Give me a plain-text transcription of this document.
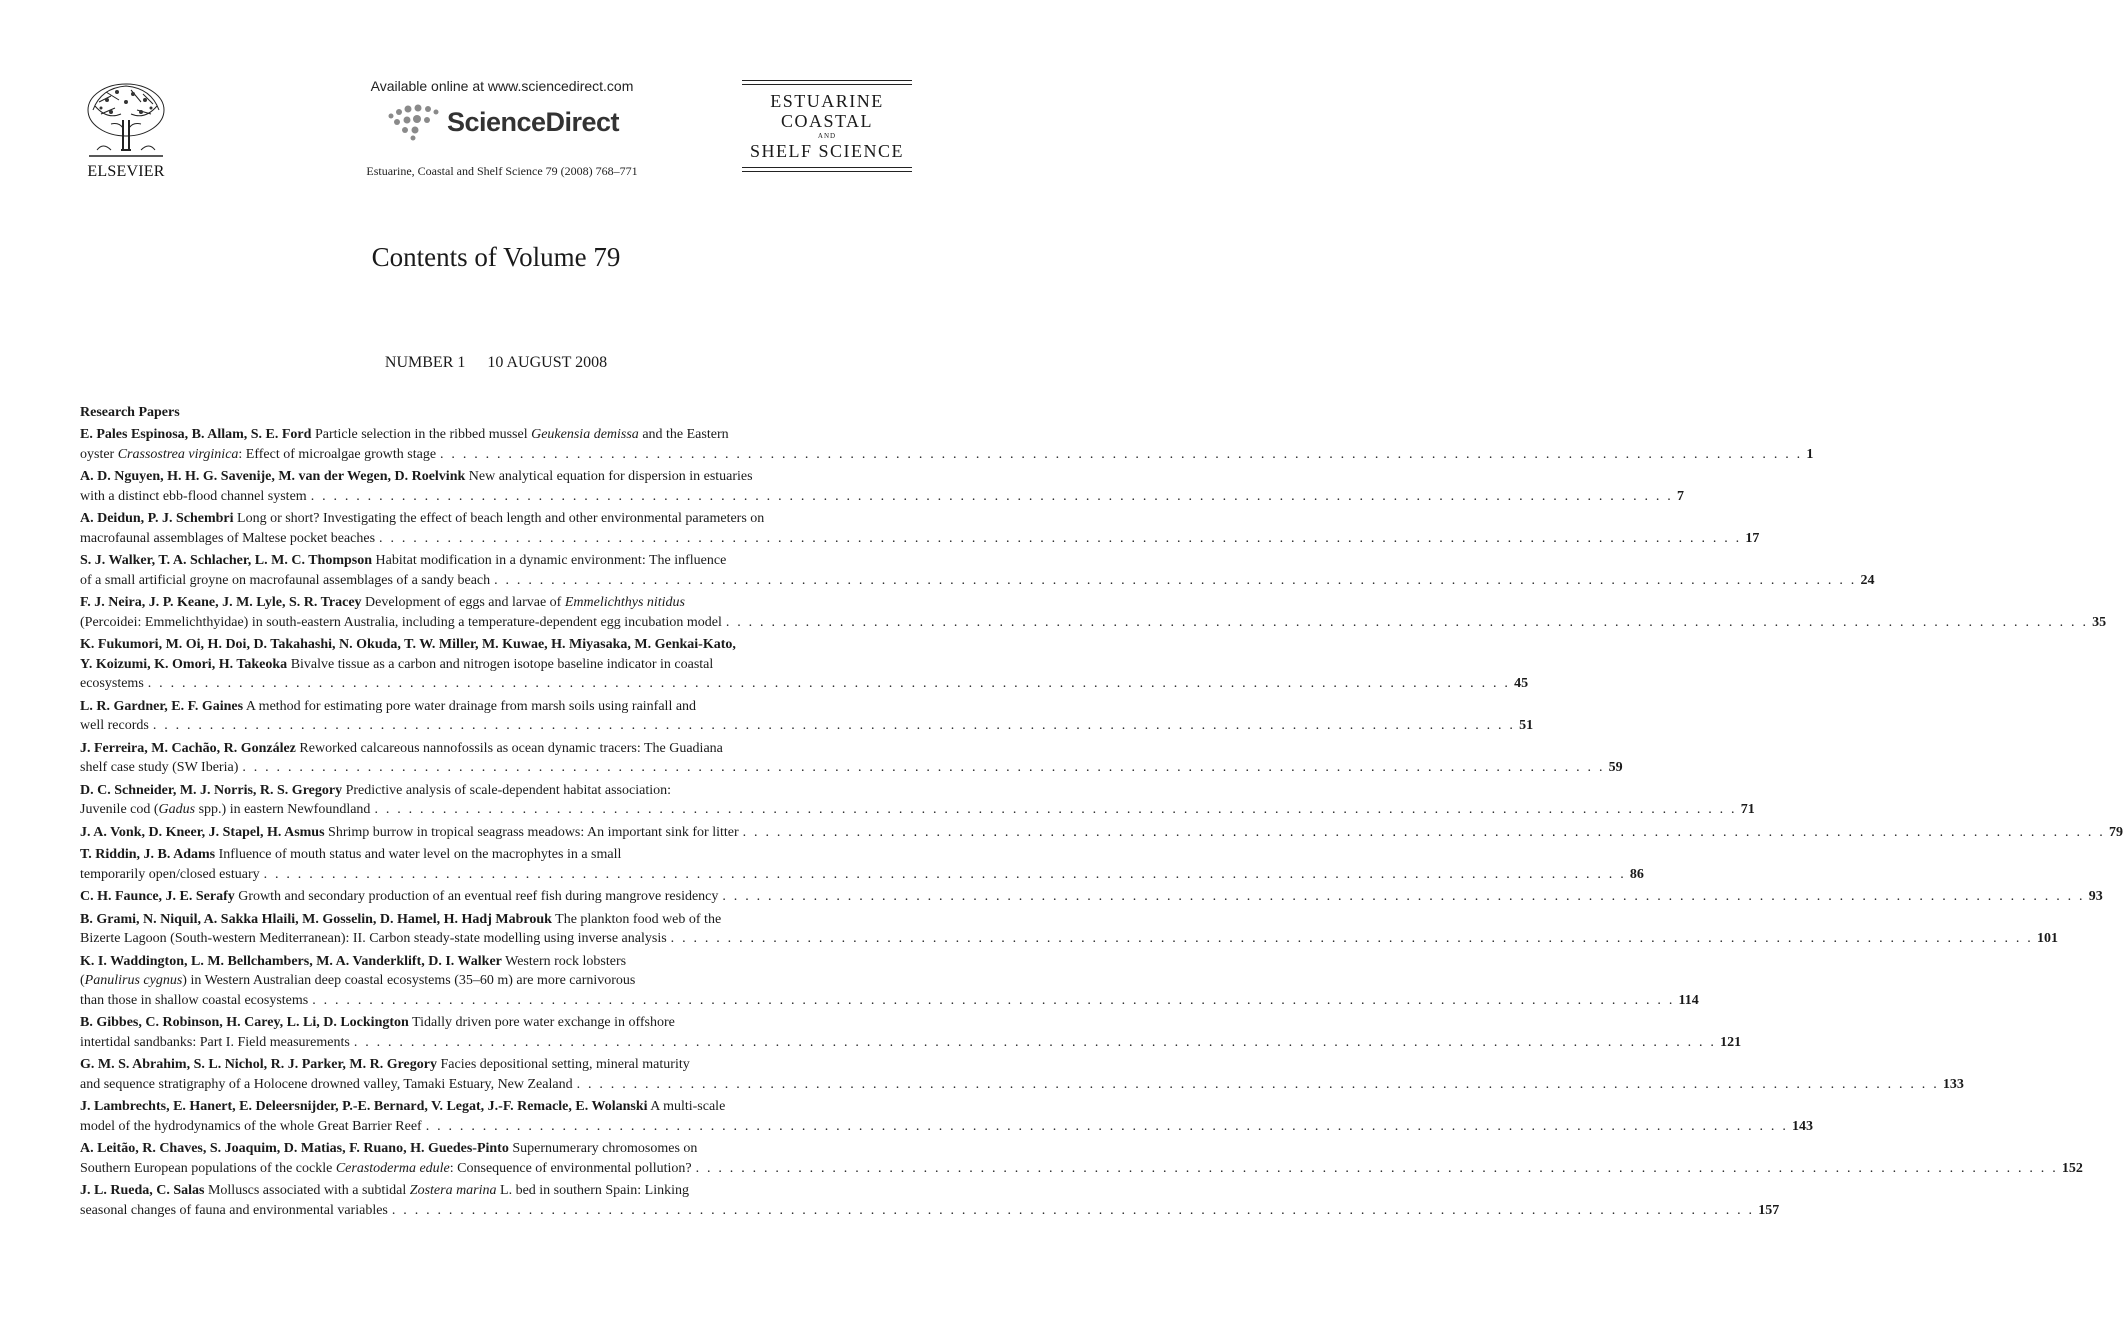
ELSEVIER
Available online at www.sciencedirect.com
ScienceDirect
Estuarine, Coastal and Shelf Science 79 (2008) 768–771
ESTUARINE
COASTAL
AND
SHELF SCIENCE
Contents of Volume 79
NUMBER 1 10 AUGUST 2008
Research Papers
E. Pales Espinosa, B. Allam, S. E. Ford Particle selection in the ribbed mussel Geukensia demissa and the Eastern
oyster Crassostrea virginica: Effect of microalgae growth stage . . . . . . . . . . . . . . . . . . . . . . . . . . . . . . . . . . . . . . . . . . . . . . . . . . . . . . . . . . . . . . . . . . . . . . . . . . . . . . . . . . . . . . . . . . . . . . . . . . . . . . . . . . . . . . . . . . . . . . . . 1
A. D. Nguyen, H. H. G. Savenije, M. van der Wegen, D. Roelvink New analytical equation for dispersion in estuaries
with a distinct ebb-flood channel system . . . . . . . . . . . . . . . . . . . . . . . . . . . . . . . . . . . . . . . . . . . . . . . . . . . . . . . . . . . . . . . . . . . . . . . . . . . . . . . . . . . . . . . . . . . . . . . . . . . . . . . . . . . . . . . . . . . . . . . . 7
A. Deidun, P. J. Schembri Long or short? Investigating the effect of beach length and other environmental parameters on
macrofaunal assemblages of Maltese pocket beaches . . . . . . . . . . . . . . . . . . . . . . . . . . . . . . . . . . . . . . . . . . . . . . . . . . . . . . . . . . . . . . . . . . . . . . . . . . . . . . . . . . . . . . . . . . . . . . . . . . . . . . . . . . . . . . . . . . . . . . . . 17
S. J. Walker, T. A. Schlacher, L. M. C. Thompson Habitat modification in a dynamic environment: The influence
of a small artificial groyne on macrofaunal assemblages of a sandy beach . . . . . . . . . . . . . . . . . . . . . . . . . . . . . . . . . . . . . . . . . . . . . . . . . . . . . . . . . . . . . . . . . . . . . . . . . . . . . . . . . . . . . . . . . . . . . . . . . . . . . . . . . . . . . . . . . . . . . . . . 24
F. J. Neira, J. P. Keane, J. M. Lyle, S. R. Tracey Development of eggs and larvae of Emmelichthys nitidus
(Percoidei: Emmelichthyidae) in south-eastern Australia, including a temperature-dependent egg incubation model . . . . . . . . . . . . . . . . . . . . . . . . . . . . . . . . . . . . . . . . . . . . . . . . . . . . . . . . . . . . . . . . . . . . . . . . . . . . . . . . . . . . . . . . . . . . . . . . . . . . . . . . . . . . . . . . . . . . . . . . 35
K. Fukumori, M. Oi, H. Doi, D. Takahashi, N. Okuda, T. W. Miller, M. Kuwae, H. Miyasaka, M. Genkai-Kato,
Y. Koizumi, K. Omori, H. Takeoka Bivalve tissue as a carbon and nitrogen isotope baseline indicator in coastal
ecosystems . . . . . . . . . . . . . . . . . . . . . . . . . . . . . . . . . . . . . . . . . . . . . . . . . . . . . . . . . . . . . . . . . . . . . . . . . . . . . . . . . . . . . . . . . . . . . . . . . . . . . . . . . . . . . . . . . . . . . . . . 45
L. R. Gardner, E. F. Gaines A method for estimating pore water drainage from marsh soils using rainfall and
well records . . . . . . . . . . . . . . . . . . . . . . . . . . . . . . . . . . . . . . . . . . . . . . . . . . . . . . . . . . . . . . . . . . . . . . . . . . . . . . . . . . . . . . . . . . . . . . . . . . . . . . . . . . . . . . . . . . . . . . . . 51
J. Ferreira, M. Cachão, R. González Reworked calcareous nannofossils as ocean dynamic tracers: The Guadiana
shelf case study (SW Iberia) . . . . . . . . . . . . . . . . . . . . . . . . . . . . . . . . . . . . . . . . . . . . . . . . . . . . . . . . . . . . . . . . . . . . . . . . . . . . . . . . . . . . . . . . . . . . . . . . . . . . . . . . . . . . . . . . . . . . . . . . 59
D. C. Schneider, M. J. Norris, R. S. Gregory Predictive analysis of scale-dependent habitat association:
Juvenile cod (Gadus spp.) in eastern Newfoundland . . . . . . . . . . . . . . . . . . . . . . . . . . . . . . . . . . . . . . . . . . . . . . . . . . . . . . . . . . . . . . . . . . . . . . . . . . . . . . . . . . . . . . . . . . . . . . . . . . . . . . . . . . . . . . . . . . . . . . . . 71
J. A. Vonk, D. Kneer, J. Stapel, H. Asmus Shrimp burrow in tropical seagrass meadows: An important sink for litter . . . . . . . . . . . . . . . . . . . . . . . . . . . . . . . . . . . . . . . . . . . . . . . . . . . . . . . . . . . . . . . . . . . . . . . . . . . . . . . . . . . . . . . . . . . . . . . . . . . . . . . . . . . . . . . . . . . . . . . . 79
T. Riddin, J. B. Adams Influence of mouth status and water level on the macrophytes in a small
temporarily open/closed estuary . . . . . . . . . . . . . . . . . . . . . . . . . . . . . . . . . . . . . . . . . . . . . . . . . . . . . . . . . . . . . . . . . . . . . . . . . . . . . . . . . . . . . . . . . . . . . . . . . . . . . . . . . . . . . . . . . . . . . . . . 86
C. H. Faunce, J. E. Serafy Growth and secondary production of an eventual reef fish during mangrove residency . . . . . . . . . . . . . . . . . . . . . . . . . . . . . . . . . . . . . . . . . . . . . . . . . . . . . . . . . . . . . . . . . . . . . . . . . . . . . . . . . . . . . . . . . . . . . . . . . . . . . . . . . . . . . . . . . . . . . . . . 93
B. Grami, N. Niquil, A. Sakka Hlaili, M. Gosselin, D. Hamel, H. Hadj Mabrouk The plankton food web of the
Bizerte Lagoon (South-western Mediterranean): II. Carbon steady-state modelling using inverse analysis . . . . . . . . . . . . . . . . . . . . . . . . . . . . . . . . . . . . . . . . . . . . . . . . . . . . . . . . . . . . . . . . . . . . . . . . . . . . . . . . . . . . . . . . . . . . . . . . . . . . . . . . . . . . . . . . . . . . . . . . 101
K. I. Waddington, L. M. Bellchambers, M. A. Vanderklift, D. I. Walker Western rock lobsters
(Panulirus cygnus) in Western Australian deep coastal ecosystems (35–60 m) are more carnivorous
than those in shallow coastal ecosystems . . . . . . . . . . . . . . . . . . . . . . . . . . . . . . . . . . . . . . . . . . . . . . . . . . . . . . . . . . . . . . . . . . . . . . . . . . . . . . . . . . . . . . . . . . . . . . . . . . . . . . . . . . . . . . . . . . . . . . . . 114
B. Gibbes, C. Robinson, H. Carey, L. Li, D. Lockington Tidally driven pore water exchange in offshore
intertidal sandbanks: Part I. Field measurements . . . . . . . . . . . . . . . . . . . . . . . . . . . . . . . . . . . . . . . . . . . . . . . . . . . . . . . . . . . . . . . . . . . . . . . . . . . . . . . . . . . . . . . . . . . . . . . . . . . . . . . . . . . . . . . . . . . . . . . . 121
G. M. S. Abrahim, S. L. Nichol, R. J. Parker, M. R. Gregory Facies depositional setting, mineral maturity
and sequence stratigraphy of a Holocene drowned valley, Tamaki Estuary, New Zealand . . . . . . . . . . . . . . . . . . . . . . . . . . . . . . . . . . . . . . . . . . . . . . . . . . . . . . . . . . . . . . . . . . . . . . . . . . . . . . . . . . . . . . . . . . . . . . . . . . . . . . . . . . . . . . . . . . . . . . . . 133
J. Lambrechts, E. Hanert, E. Deleersnijder, P.-E. Bernard, V. Legat, J.-F. Remacle, E. Wolanski A multi-scale
model of the hydrodynamics of the whole Great Barrier Reef . . . . . . . . . . . . . . . . . . . . . . . . . . . . . . . . . . . . . . . . . . . . . . . . . . . . . . . . . . . . . . . . . . . . . . . . . . . . . . . . . . . . . . . . . . . . . . . . . . . . . . . . . . . . . . . . . . . . . . . . 143
A. Leitão, R. Chaves, S. Joaquim, D. Matias, F. Ruano, H. Guedes-Pinto Supernumerary chromosomes on
Southern European populations of the cockle Cerastoderma edule: Consequence of environmental pollution? . . . . . . . . . . . . . . . . . . . . . . . . . . . . . . . . . . . . . . . . . . . . . . . . . . . . . . . . . . . . . . . . . . . . . . . . . . . . . . . . . . . . . . . . . . . . . . . . . . . . . . . . . . . . . . . . . . . . . . . . 152
J. L. Rueda, C. Salas Molluscs associated with a subtidal Zostera marina L. bed in southern Spain: Linking
seasonal changes of fauna and environmental variables . . . . . . . . . . . . . . . . . . . . . . . . . . . . . . . . . . . . . . . . . . . . . . . . . . . . . . . . . . . . . . . . . . . . . . . . . . . . . . . . . . . . . . . . . . . . . . . . . . . . . . . . . . . . . . . . . . . . . . . . 157
